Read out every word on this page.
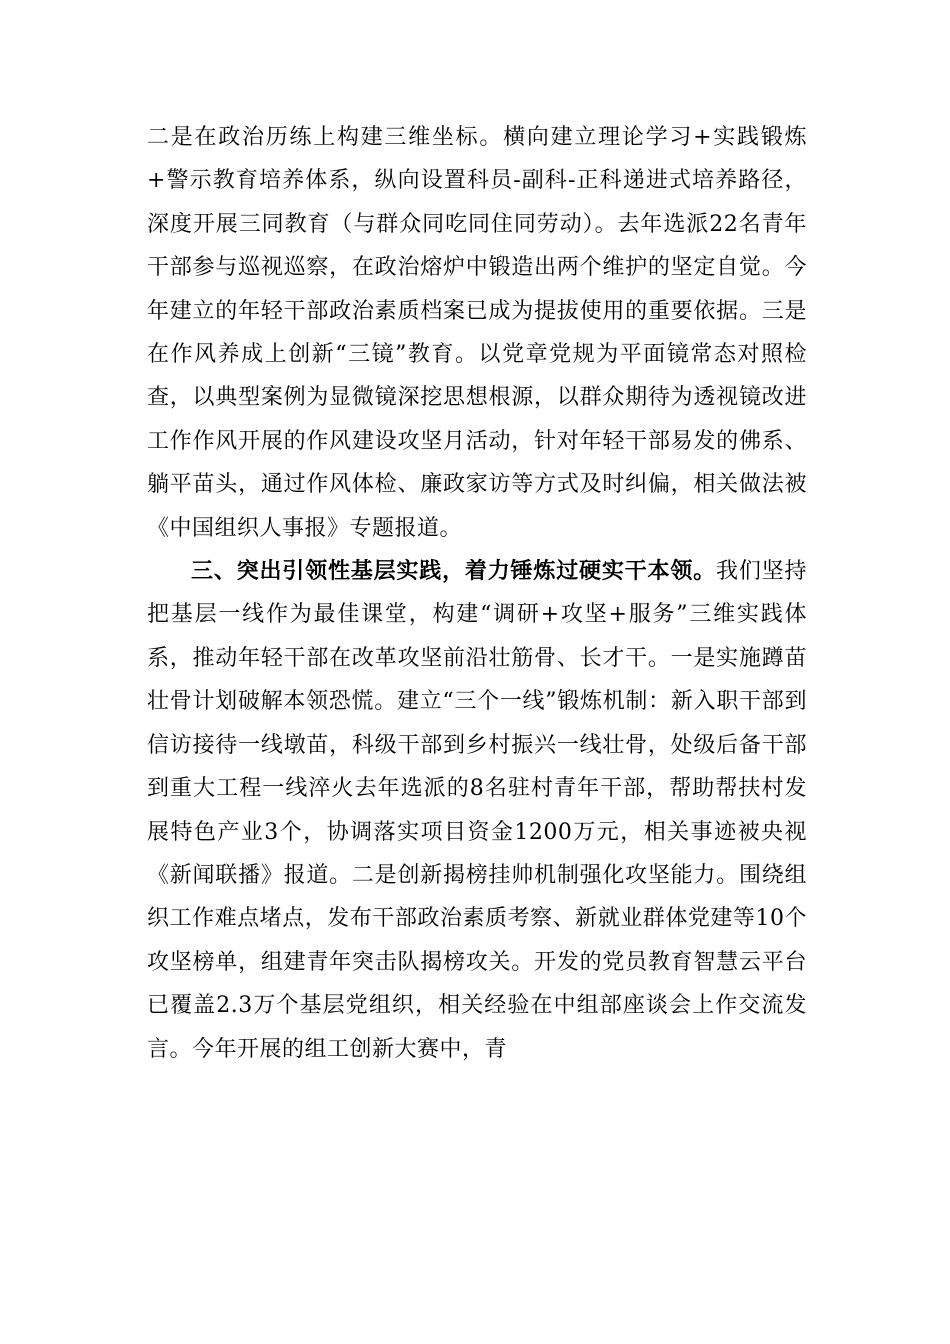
二是在政治历练上构建三维坐标。横向建立理论学习+实践锻炼+警示教育培养体系，纵向设置科员-副科-正科递进式培养路径，深度开展三同教育（与群众同吃同住同劳动）。去年选派22名青年干部参与巡视巡察，在政治熔炉中锻造出两个维护的坚定自觉。今年建立的年轻干部政治素质档案已成为提拔使用的重要依据。三是在作风养成上创新“三镜”教育。以党章党规为平面镜常态对照检查，以典型案例为显微镜深挖思想根源，以群众期待为透视镜改进工作作风开展的作风建设攻坚月活动，针对年轻干部易发的佛系、躺平苗头，通过作风体检、廉政家访等方式及时纠偏，相关做法被《中国组织人事报》专题报道。

三、突出引领性基层实践，着力锤炼过硬实干本领。我们坚持把基层一线作为最佳课堂，构建“调研+攻坚+服务”三维实践体系，推动年轻干部在改革攻坚前沿壮筋骨、长才干。一是实施蹲苗壮骨计划破解本领恐慌。建立“三个一线”锻炼机制：新入职干部到信访接待一线墩苗，科级干部到乡村振兴一线壮骨，处级后备干部到重大工程一线淬火去年选派的8名驻村青年干部，帮助帮扶村发展特色产业3个，协调落实项目资金1200万元，相关事迹被央视《新闻联播》报道。二是创新揭榜挂帅机制强化攻坚能力。围绕组织工作难点堵点，发布干部政治素质考察、新就业群体党建等10个攻坚榜单，组建青年突击队揭榜攻关。开发的党员教育智慧云平台已覆盖2.3万个基层党组织，相关经验在中组部座谈会上作交流发言。今年开展的组工创新大赛中，青
